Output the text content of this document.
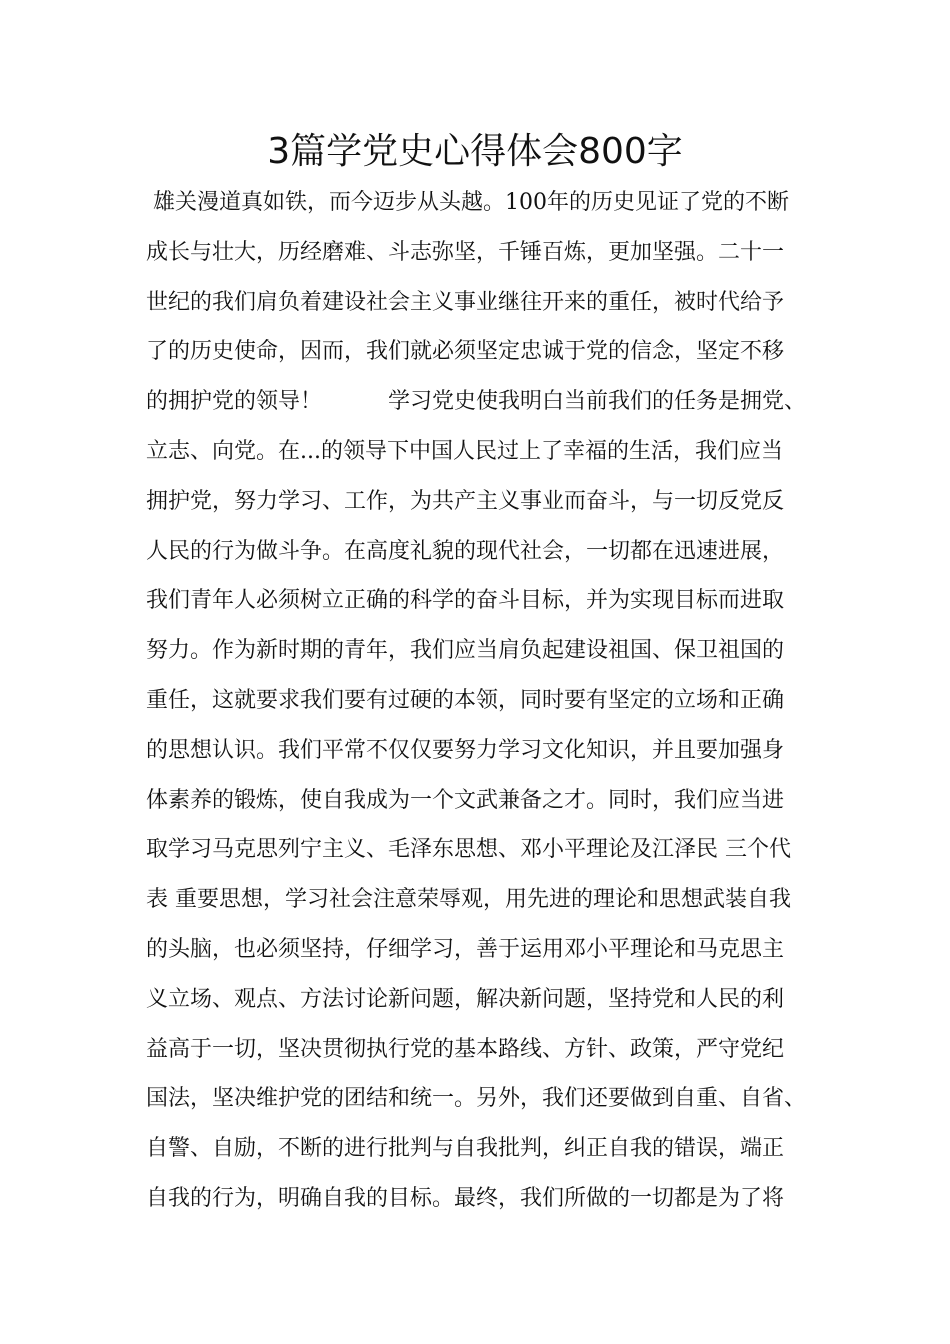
3篇学党史心得体会800字
雄关漫道真如铁，而今迈步从头越。100年的历史见证了党的不断
成长与壮大，历经磨难、斗志弥坚，千锤百炼，更加坚强。二十一
世纪的我们肩负着建设社会主义事业继往开来的重任，被时代给予
了的历史使命，因而，我们就必须坚定忠诚于党的信念，坚定不移
的拥护党的领导！　　　学习党史使我明白当前我们的任务是拥党、
立志、向党。在...的领导下中国人民过上了幸福的生活，我们应当
拥护党，努力学习、工作，为共产主义事业而奋斗，与一切反党反
人民的行为做斗争。在高度礼貌的现代社会，一切都在迅速进展，
我们青年人必须树立正确的科学的奋斗目标，并为实现目标而进取
努力。作为新时期的青年，我们应当肩负起建设祖国、保卫祖国的
重任，这就要求我们要有过硬的本领，同时要有坚定的立场和正确
的思想认识。我们平常不仅仅要努力学习文化知识，并且要加强身
体素养的锻炼，使自我成为一个文武兼备之才。同时，我们应当进
取学习马克思列宁主义、毛泽东思想、邓小平理论及江泽民 三个代
表 重要思想，学习社会注意荣辱观，用先进的理论和思想武装自我
的头脑，也必须坚持，仔细学习，善于运用邓小平理论和马克思主
义立场、观点、方法讨论新问题，解决新问题，坚持党和人民的利
益高于一切，坚决贯彻执行党的基本路线、方针、政策，严守党纪
国法，坚决维护党的团结和统一。另外，我们还要做到自重、自省、
自警、自励，不断的进行批判与自我批判，纠正自我的错误，端正
自我的行为，明确自我的目标。最终，我们所做的一切都是为了将
